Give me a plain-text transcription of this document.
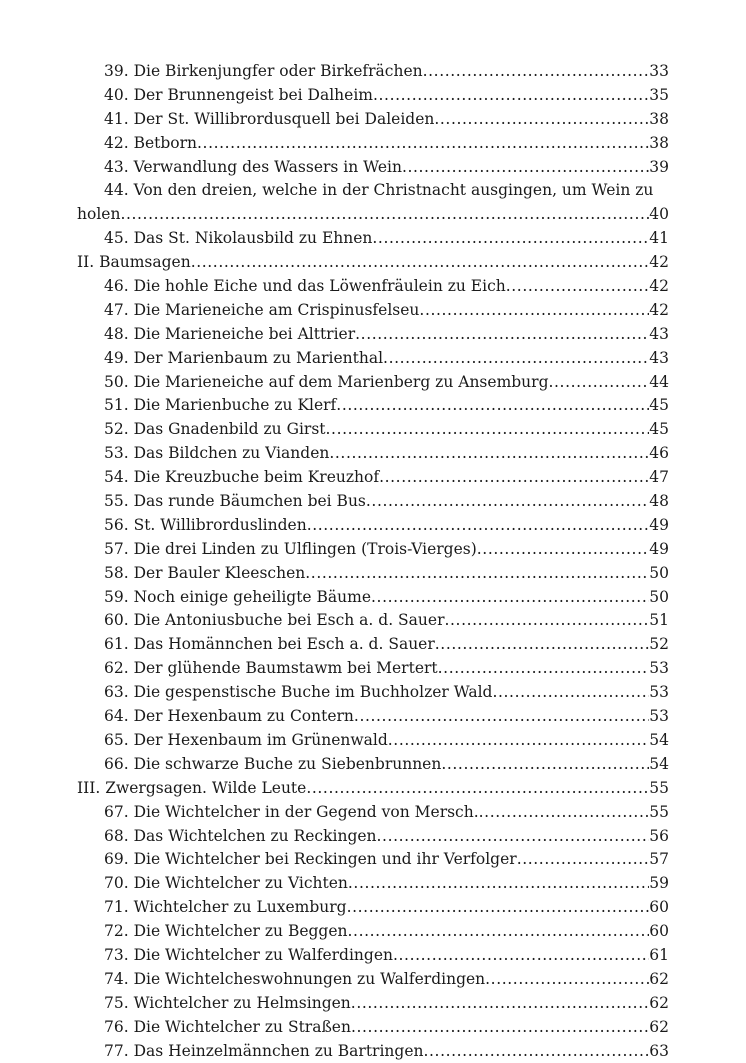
39. Die Birkenjungfer oder Birkefrächen .....	33
40. Der Brunnengeist bei Dalheim .....	35
41. Der St. Willibrordusquell bei Daleiden .....	38
42. Betborn .....	38
43. Verwandlung des Wassers in Wein .....	39
44. Von den dreien, welche in der Christnacht ausgingen, um Wein zu
holen .....	40
45. Das St. Nikolausbild zu Ehnen .....	41
II. Baumsagen .....	42
46. Die hohle Eiche und das Löwenfräulein zu Eich .....	42
47. Die Marieneiche am Crispinusfelseu .....	42
48. Die Marieneiche bei Alttrier .....	43
49. Der Marienbaum zu Marienthal .....	43
50. Die Marieneiche auf dem Marienberg zu Ansemburg .....	44
51. Die Marienbuche zu Klerf .....	45
52. Das Gnadenbild zu Girst .....	45
53. Das Bildchen zu Vianden .....	46
54. Die Kreuzbuche beim Kreuzhof .....	47
55. Das runde Bäumchen bei Bus .....	48
56. St. Willibrorduslinden .....	49
57. Die drei Linden zu Ulflingen (Trois-Vierges) .....	49
58. Der Bauler Kleeschen .....	50
59. Noch einige geheiligte Bäume .....	50
60. Die Antoniusbuche bei Esch a. d. Sauer .....	51
61. Das Homännchen bei Esch a. d. Sauer .....	52
62. Der glühende Baumstawm bei Mertert .....	53
63. Die gespenstische Buche im Buchholzer Wald .....	53
64. Der Hexenbaum zu Contern .....	53
65. Der Hexenbaum im Grünenwald .....	54
66. Die schwarze Buche zu Siebenbrunnen .....	54
III. Zwergsagen. Wilde Leute .....	55
67. Die Wichtelcher in der Gegend von Mersch. .....	55
68. Das Wichtelchen zu Reckingen .....	56
69. Die Wichtelcher bei Reckingen und ihr Verfolger .....	57
70. Die Wichtelcher zu Vichten .....	59
71. Wichtelcher zu Luxemburg .....	60
72. Die Wichtelcher zu Beggen .....	60
73. Die Wichtelcher zu Walferdingen .....	61
74. Die Wichtelcheswohnungen zu Walferdingen .....	62
75. Wichtelcher zu Helmsingen .....	62
76. Die Wichtelcher zu Straßen .....	62
77. Das Heinzelmännchen zu Bartringen .....	63
